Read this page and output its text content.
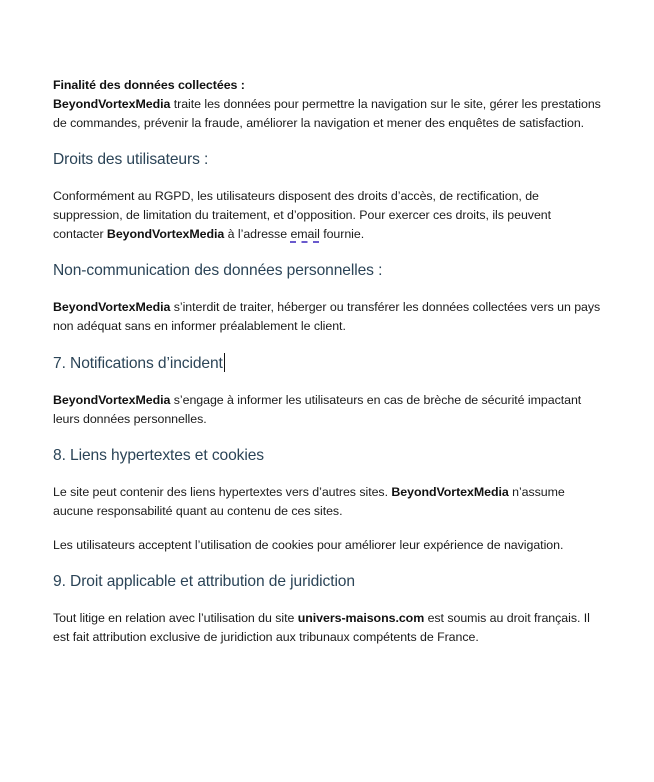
Finalité des données collectées :
BeyondVortexMedia traite les données pour permettre la navigation sur le site, gérer les prestations de commandes, prévenir la fraude, améliorer la navigation et mener des enquêtes de satisfaction.

Droits des utilisateurs :

Conformément au RGPD, les utilisateurs disposent des droits d’accès, de rectification, de suppression, de limitation du traitement, et d’opposition. Pour exercer ces droits, ils peuvent contacter BeyondVortexMedia à l’adresse email fournie.

Non-communication des données personnelles :

BeyondVortexMedia s’interdit de traiter, héberger ou transférer les données collectées vers un pays non adéquat sans en informer préalablement le client.

7. Notifications d’incident

BeyondVortexMedia s’engage à informer les utilisateurs en cas de brèche de sécurité impactant leurs données personnelles.

8. Liens hypertextes et cookies

Le site peut contenir des liens hypertextes vers d’autres sites. BeyondVortexMedia n’assume aucune responsabilité quant au contenu de ces sites.

Les utilisateurs acceptent l’utilisation de cookies pour améliorer leur expérience de navigation.

9. Droit applicable et attribution de juridiction

Tout litige en relation avec l’utilisation du site univers-maisons.com est soumis au droit français. Il est fait attribution exclusive de juridiction aux tribunaux compétents de France.
